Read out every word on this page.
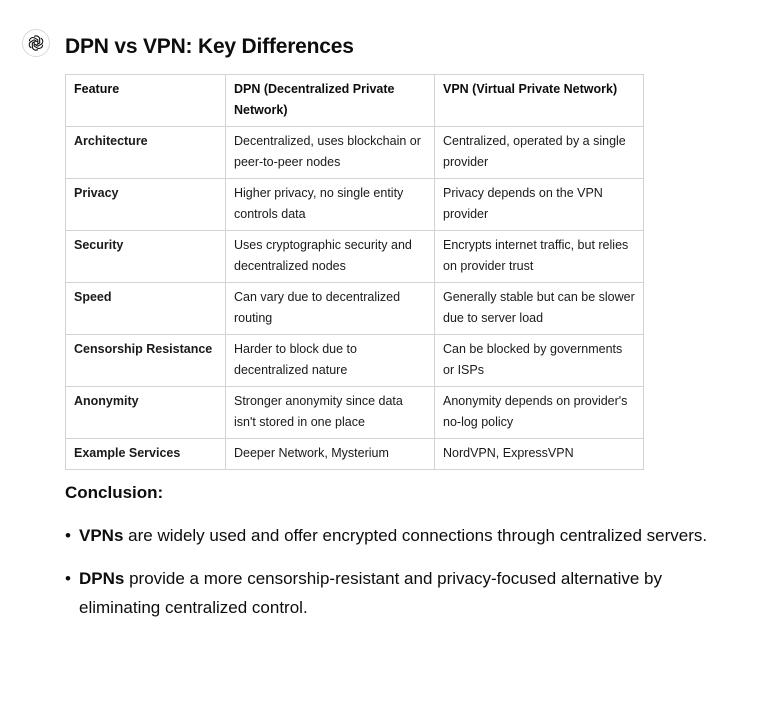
DPN vs VPN: Key Differences
Feature	DPN (Decentralized Private Network)	VPN (Virtual Private Network)
Architecture	Decentralized, uses blockchain or peer-to-peer nodes	Centralized, operated by a single provider
Privacy	Higher privacy, no single entity controls data	Privacy depends on the VPN provider
Security	Uses cryptographic security and decentralized nodes	Encrypts internet traffic, but relies on provider trust
Speed	Can vary due to decentralized routing	Generally stable but can be slower due to server load
Censorship Resistance	Harder to block due to decentralized nature	Can be blocked by governments or ISPs
Anonymity	Stronger anonymity since data isn't stored in one place	Anonymity depends on provider's no-log policy
Example Services	Deeper Network, Mysterium	NordVPN, ExpressVPN
Conclusion:
• VPNs are widely used and offer encrypted connections through centralized servers.
• DPNs provide a more censorship-resistant and privacy-focused alternative by eliminating centralized control.
